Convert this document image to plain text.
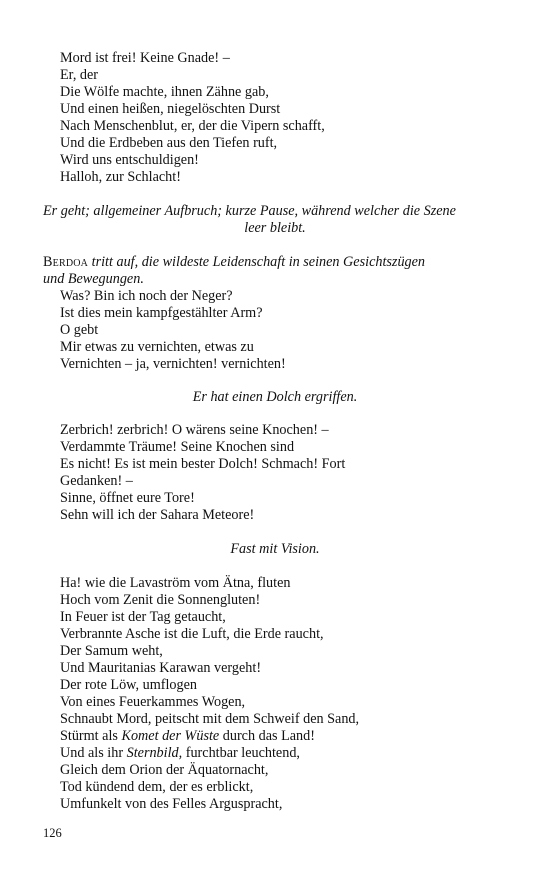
Mord ist frei! Keine Gnade! –
Er, der
Die Wölfe machte, ihnen Zähne gab,
Und einen heißen, niegelöschten Durst
Nach Menschenblut, er, der die Vipern schafft,
Und die Erdbeben aus den Tiefen ruft,
Wird uns entschuldigen!
Halloh, zur Schlacht!
Er geht; allgemeiner Aufbruch; kurze Pause, während welcher die Szene
leer bleibt.
Berdoa tritt auf, die wildeste Leidenschaft in seinen Gesichtszügen
und Bewegungen.
Was? Bin ich noch der Neger?
Ist dies mein kampfgestählter Arm?
O gebt
Mir etwas zu vernichten, etwas zu
Vernichten – ja, vernichten! vernichten!
Er hat einen Dolch ergriffen.
Zerbrich! zerbrich! O wärens seine Knochen! –
Verdammte Träume! Seine Knochen sind
Es nicht! Es ist mein bester Dolch! Schmach! Fort
Gedanken! –
Sinne, öffnet eure Tore!
Sehn will ich der Sahara Meteore!
Fast mit Vision.
Ha! wie die Lavaström vom Ätna, fluten
Hoch vom Zenit die Sonnengluten!
In Feuer ist der Tag getaucht,
Verbrannte Asche ist die Luft, die Erde raucht,
Der Samum weht,
Und Mauritanias Karawan vergeht!
Der rote Löw, umflogen
Von eines Feuerkammes Wogen,
Schnaubt Mord, peitscht mit dem Schweif den Sand,
Stürmt als Komet der Wüste durch das Land!
Und als ihr Sternbild, furchtbar leuchtend,
Gleich dem Orion der Äquatornacht,
Tod kündend dem, der es erblickt,
Umfunkelt von des Felles Arguspracht,
126
